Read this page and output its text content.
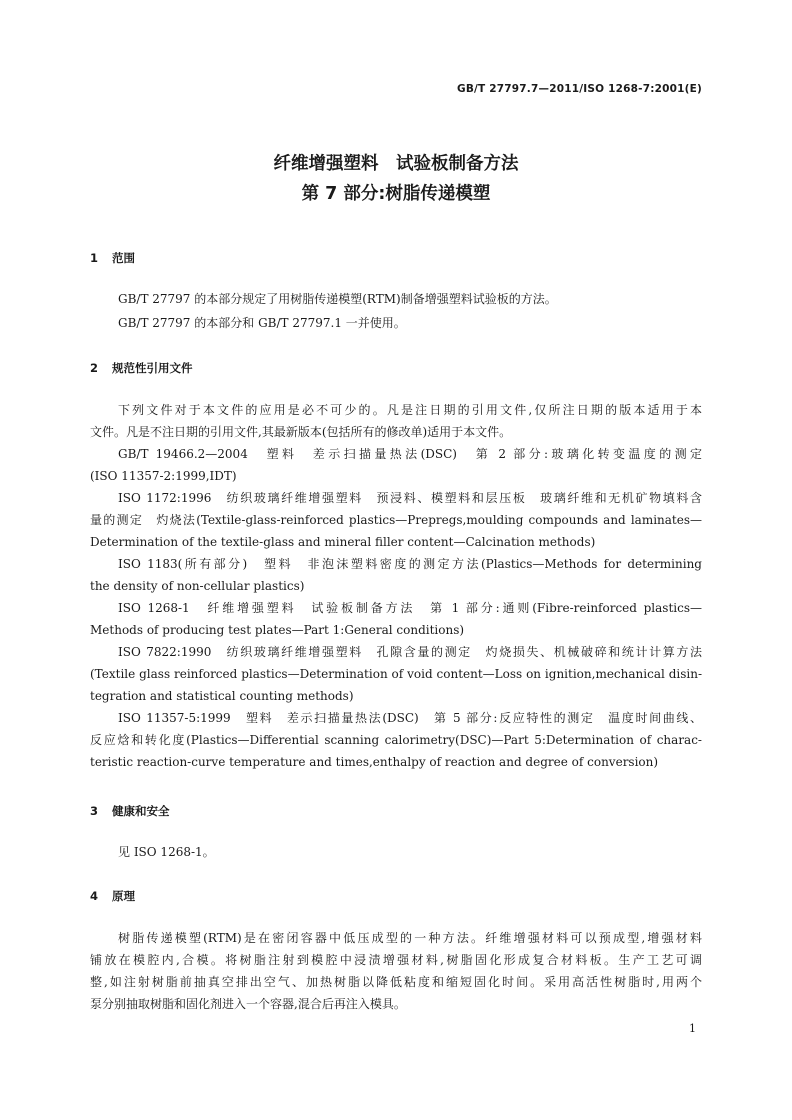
GB/T 27797.7—2011/ISO 1268-7:2001(E)
纤维增强塑料　试验板制备方法
第 7 部分:树脂传递模塑
1 范围
GB/T 27797 的本部分规定了用树脂传递模塑(RTM)制备增强塑料试验板的方法。
GB/T 27797 的本部分和 GB/T 27797.1 一并使用。
2 规范性引用文件
下列文件对于本文件的应用是必不可少的。凡是注日期的引用文件,仅所注日期的版本适用于本
文件。凡是不注日期的引用文件,其最新版本(包括所有的修改单)适用于本文件。
GB/T 19466.2—2004　塑料　差示扫描量热法(DSC)　第 2 部分:玻璃化转变温度的测定
(ISO 11357-2:1999,IDT)
ISO 1172:1996　纺织玻璃纤维增强塑料　预浸料、模塑料和层压板　玻璃纤维和无机矿物填料含
量的测定　灼烧法(Textile-glass-reinforced plastics—Prepregs,moulding compounds and laminates—
Determination of the textile-glass and mineral filler content—Calcination methods)
ISO 1183(所有部分)　塑料　非泡沫塑料密度的测定方法(Plastics—Methods for determining
the density of non-cellular plastics)
ISO 1268-1　纤维增强塑料　试验板制备方法　第 1 部分:通则(Fibre-reinforced plastics—
Methods of producing test plates—Part 1:General conditions)
ISO 7822:1990　纺织玻璃纤维增强塑料　孔隙含量的测定　灼烧损失、机械破碎和统计计算方法
(Textile glass reinforced plastics—Determination of void content—Loss on ignition,mechanical disin-
tegration and statistical counting methods)
ISO 11357-5:1999　塑料　差示扫描量热法(DSC)　第 5 部分:反应特性的测定　温度时间曲线、
反应焓和转化度(Plastics—Differential scanning calorimetry(DSC)—Part 5:Determination of charac-
teristic reaction-curve temperature and times,enthalpy of reaction and degree of conversion)
3 健康和安全
见 ISO 1268-1。
4 原理
树脂传递模塑(RTM)是在密闭容器中低压成型的一种方法。纤维增强材料可以预成型,增强材料
铺放在模腔内,合模。将树脂注射到模腔中浸渍增强材料,树脂固化形成复合材料板。生产工艺可调
整,如注射树脂前抽真空排出空气、加热树脂以降低粘度和缩短固化时间。采用高活性树脂时,用两个
泵分别抽取树脂和固化剂进入一个容器,混合后再注入模具。
1
